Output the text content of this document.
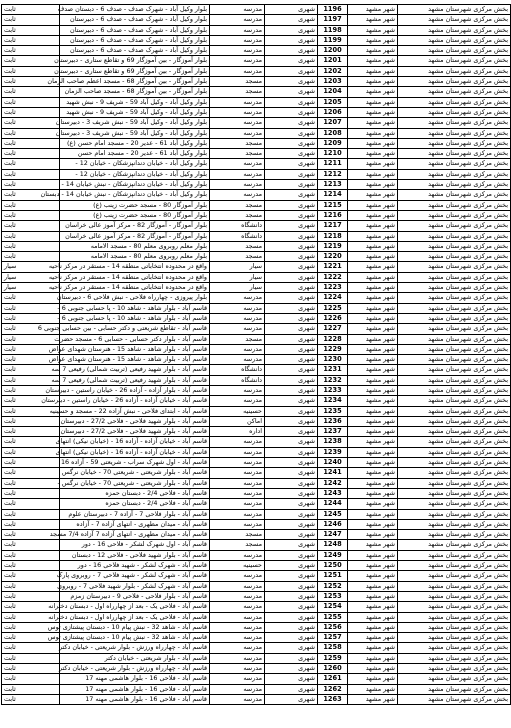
ثابت	بلوار وکیل آباد - شهرک صدف - صدف 6 - دبستان صدف	مدرسه	شهری	1196	شهر مشهد	بخش مرکزی شهرستان مشهد
ثابت	بلوار وکیل آباد - شهرک صدف - صدف 6 - دبیرستان	مدرسه	شهری	1197	شهر مشهد	بخش مرکزی شهرستان مشهد
ثابت	بلوار وکیل آباد - شهرک صدف - صدف 6 - دبیرستان	مدرسه	شهری	1198	شهر مشهد	بخش مرکزی شهرستان مشهد
ثابت	بلوار وکیل آباد - شهرک صدف - صدف 6 - دبیرستان	مدرسه	شهری	1199	شهر مشهد	بخش مرکزی شهرستان مشهد
ثابت	بلوار وکیل آباد - شهرک صدف - صدف 6 - دبیرستان	مدرسه	شهری	1200	شهر مشهد	بخش مرکزی شهرستان مشهد
ثابت	بلوار آموزگار - بین آموزگار 69 و تقاطع ستاری - دبیرستان	مدرسه	شهری	1201	شهر مشهد	بخش مرکزی شهرستان مشهد
ثابت	بلوار آموزگار - بین آموزگار 69 و تقاطع ستاری - دبیرستان	مدرسه	شهری	1202	شهر مشهد	بخش مرکزی شهرستان مشهد
ثابت	بلوار آموزگار - بین آموزگار 68 - مسجد اعظم صاحب الزمان	مسجد	شهری	1203	شهر مشهد	بخش مرکزی شهرستان مشهد
ثابت	بلوار آموزگار - بین آموزگار 68 - مسجد صاحب الزمان	مسجد	شهری	1204	شهر مشهد	بخش مرکزی شهرستان مشهد
ثابت	بلوار وکیل آباد - وکیل آباد 59 - شریف 9 - نبش شهید	مدرسه	شهری	1205	شهر مشهد	بخش مرکزی شهرستان مشهد
ثابت	بلوار وکیل آباد - وکیل آباد 59 - شریف 9 - نبش شهید	مدرسه	شهری	1206	شهر مشهد	بخش مرکزی شهرستان مشهد
ثابت	بلوار وکیل آباد - وکیل آباد 59 - نبش شریف 3 - دبیرستان	مدرسه	شهری	1207	شهر مشهد	بخش مرکزی شهرستان مشهد
ثابت	بلوار وکیل آباد - وکیل آباد 59 - نبش شریف 3 - دبیرستان	مدرسه	شهری	1208	شهر مشهد	بخش مرکزی شهرستان مشهد
ثابت	بلوار وکیل آباد 61 - عدیر 20 - مسجد امام حسن (ع)	مسجد	شهری	1209	شهر مشهد	بخش مرکزی شهرستان مشهد
ثابت	بلوار وکیل آباد 61 - عدیر 20 - مسجد امام حسن	مسجد	شهری	1210	شهر مشهد	بخش مرکزی شهرستان مشهد
ثابت	بلوار وکیل آباد - خیابان دندانپزشکان - خیابان 12 -	مدرسه	شهری	1211	شهر مشهد	بخش مرکزی شهرستان مشهد
ثابت	بلوار وکیل آباد - خیابان دندانپزشکان - خیابان 12 -	مدرسه	شهری	1212	شهر مشهد	بخش مرکزی شهرستان مشهد
ثابت	بلوار وکیل آباد - خیابان دندانپزشکان - نبش خیابان 14 -	مدرسه	شهری	1213	شهر مشهد	بخش مرکزی شهرستان مشهد
ثابت	بلوار وکیل آباد - خیابان دندانپزشکان - نبش خیابان 14 - دبستان	مدرسه	شهری	1214	شهر مشهد	بخش مرکزی شهرستان مشهد
ثابت	بلوار آموزگار 80 - مسجد حضرت زینب (ع)	مسجد	شهری	1215	شهر مشهد	بخش مرکزی شهرستان مشهد
ثابت	بلوار آموزگار 80 - مسجد حضرت زینب (ع)	مسجد	شهری	1216	شهر مشهد	بخش مرکزی شهرستان مشهد
ثابت	بلوار آموزگار - آموزگار 82 - مرکز آموز عالی خراسان	دانشگاه	شهری	1217	شهر مشهد	بخش مرکزی شهرستان مشهد
ثابت	بلوار آموزگار - آموزگار 82 - مرکز آموز عالی خراسان	دانشگاه	شهری	1218	شهر مشهد	بخش مرکزی شهرستان مشهد
ثابت	بلوار معلم روبروی معلم 80 - مسجد الامامه	مسجد	شهری	1219	شهر مشهد	بخش مرکزی شهرستان مشهد
ثابت	بلوار معلم روبروی معلم 80 - مسجد الامامه	مسجد	شهری	1220	شهر مشهد	بخش مرکزی شهرستان مشهد
سیار	واقع در محدوده انتخاباتی منطقه 14 - مستقر در مرکز ناحیه	سیار	شهری	1221	شهر مشهد	بخش مرکزی شهرستان مشهد
سیار	واقع در محدوده انتخاباتی منطقه 14 - مستقر در مرکز ناحیه	سیار	شهری	1222	شهر مشهد	بخش مرکزی شهرستان مشهد
سیار	واقع در محدوده انتخاباتی منطقه 14 - مستقر در مرکز ناحیه	سیار	شهری	1223	شهر مشهد	بخش مرکزی شهرستان مشهد
ثابت	بلوار پیروزی - چهارراه فلاحی - نبش فلاحی 6 - دبیرستان	مدرسه	شهری	1224	شهر مشهد	بخش مرکزی شهرستان مشهد
ثابت	قاسم آباد - بلوار شاهد - شاهد 10 - پا حسابی جنوبی 6 -	مدرسه	شهری	1225	شهر مشهد	بخش مرکزی شهرستان مشهد
ثابت	قاسم آباد - بلوار شاهد - شاهد 10 - پا حسابی جنوبی 6 -	مدرسه	شهری	1226	شهر مشهد	بخش مرکزی شهرستان مشهد
ثابت	قاسم آباد - تقاطع شریعتی و دکتر حسابی - بین حسابی جنوبی 6	مدرسه	شهری	1227	شهر مشهد	بخش مرکزی شهرستان مشهد
ثابت	قاسم آباد - بلوار دکتر حسابی - حسابی 6 - مسجد حضرت	مسجد	شهری	1228	شهر مشهد	بخش مرکزی شهرستان مشهد
ثابت	قاسم آباد - بلوار شاهد - شاهد 15 - هنرستان شهدای عواض	مدرسه	شهری	1229	شهر مشهد	بخش مرکزی شهرستان مشهد
ثابت	قاسم آباد - بلوار شاهد - شاهد 15 - هنرستان شهدای عواض	مدرسه	شهری	1230	شهر مشهد	بخش مرکزی شهرستان مشهد
ثابت	قاسم آباد - بلوار شهید رفیعی (تربیت شمالی) رفیعی 7 سه	دانشگاه	شهری	1231	شهر مشهد	بخش مرکزی شهرستان مشهد
ثابت	قاسم آباد - بلوار شهید رفیعی (تربیت شمالی) رفیعی 7 سه	دانشگاه	شهری	1232	شهر مشهد	بخش مرکزی شهرستان مشهد
ثابت	قاسم آباد - بلوار آزاده - آزاده 26 - خیابان راستین - دبیرستان	مدرسه	شهری	1233	شهر مشهد	بخش مرکزی شهرستان مشهد
ثابت	قاسم آباد - خیابان آزاده - آزاده 26 - خیابان راستین - دبیرستان	مدرسه	شهری	1234	شهر مشهد	بخش مرکزی شهرستان مشهد
ثابت	قاسم آباد - ابتدای فلاحی - نبش آزاده 22 - مسجد و حسینیه	حسینیه	شهری	1235	شهر مشهد	بخش مرکزی شهرستان مشهد
ثابت	قاسم آباد - بلوار شهید فلاحی - فلاحی 27/2 - دبیرستان	اماکن	شهری	1236	شهر مشهد	بخش مرکزی شهرستان مشهد
ثابت	قاسم آباد - بلوار شهید فلاحی - فلاحی 27/2 - دبیرستان	اداره	شهری	1237	شهر مشهد	بخش مرکزی شهرستان مشهد
ثابت	قاسم آباد - خیابان آزاده - آزاده 16 - (خیابان نیکی) انتهای	مدرسه	شهری	1238	شهر مشهد	بخش مرکزی شهرستان مشهد
ثابت	قاسم آباد - خیابان آزاده - آزاده 16 - (خیابان نیکی) انتهای	مدرسه	شهری	1239	شهر مشهد	بخش مرکزی شهرستان مشهد
ثابت	قاسم آباد - اول شهرک سراب - شریعتی 59 - آزاده 16	مدرسه	شهری	1240	شهر مشهد	بخش مرکزی شهرستان مشهد
ثابت	قاسم آباد - بلوار شریعتی - شریعتی 70 - خیابان نرگس	مدرسه	شهری	1241	شهر مشهد	بخش مرکزی شهرستان مشهد
ثابت	قاسم آباد - بلوار شریعتی - شریعتی 70 - خیابان نرگس -	مدرسه	شهری	1242	شهر مشهد	بخش مرکزی شهرستان مشهد
ثابت	قاسم آباد - فلاحی 2/4 - دبستان حمزه	مدرسه	شهری	1243	شهر مشهد	بخش مرکزی شهرستان مشهد
ثابت	قاسم آباد - فلاحی 2/4 - دبستان حمزه	مدرسه	شهری	1244	شهر مشهد	بخش مرکزی شهرستان مشهد
ثابت	قاسم آباد - بلوار فلاحی 7 - آزاده 7 - دبیرستان علوم	مدرسه	شهری	1245	شهر مشهد	بخش مرکزی شهرستان مشهد
ثابت	قاسم آباد - میدان مطهری - انتهای آزاده 7 - آزاده	مدرسه	شهری	1246	شهر مشهد	بخش مرکزی شهرستان مشهد
ثابت	قاسم آباد - میدان مطهری - انتهای آزاده 7 آزاده 7/4 مسجد	مسجد	شهری	1247	شهر مشهد	بخش مرکزی شهرستان مشهد
ثابت	قاسم آباد - اول شهرک لشکر - فلاحی 16 - دور	مسجد	شهری	1248	شهر مشهد	بخش مرکزی شهرستان مشهد
ثابت	قاسم آباد - بلوار شهید فلاحی - فلاحی 12 - دبستان	مدرسه	شهری	1249	شهر مشهد	بخش مرکزی شهرستان مشهد
ثابت	قاسم آباد - شهرک لشکر - شهید فلاحی 16 - دور	حسینیه	شهری	1250	شهر مشهد	بخش مرکزی شهرستان مشهد
ثابت	قاسم آباد - شهرک لشکر - شهید فلاحی 7 - روبروی پارک	مدرسه	شهری	1251	شهر مشهد	بخش مرکزی شهرستان مشهد
ثابت	قاسم آباد - شهرک لشکر - بلوار شهید فلاحی 7 - روبروی	مدرسه	شهری	1252	شهر مشهد	بخش مرکزی شهرستان مشهد
ثابت	قاسم آباد - بلوار فلاحی - فلاحی 9 - دبیرستان زمزم	مدرسه	شهری	1253	شهر مشهد	بخش مرکزی شهرستان مشهد
ثابت	قاسم آباد - فلاحی یک - بعد از چهارراه اول - دبستان دخترانه	مدرسه	شهری	1254	شهر مشهد	بخش مرکزی شهرستان مشهد
ثابت	قاسم آباد - فلاحی یک - بعد از چهارراه اول - دبستان دخترانه	مدرسه	شهری	1255	شهر مشهد	بخش مرکزی شهرستان مشهد
ثابت	قاسم آباد - شاهد 32 - نبش پیام 10 - دبستان پیشتازی توس	مدرسه	شهری	1256	شهر مشهد	بخش مرکزی شهرستان مشهد
ثابت	قاسم آباد - شاهد 32 - نبش پیام 10 - دبستان پیشتازی توس	مدرسه	شهری	1257	شهر مشهد	بخش مرکزی شهرستان مشهد
ثابت	قاسم آباد - چهارراه ورزش - بلوار شریعتی - خیابان دکتر	مدرسه	شهری	1258	شهر مشهد	بخش مرکزی شهرستان مشهد
ثابت	قاسم آباد - بلوار شریعتی - خیابان دکتر	مدرسه	شهری	1259	شهر مشهد	بخش مرکزی شهرستان مشهد
ثابت	قاسم آباد - چهارراه ورزش - بلوار شریعتی - خیابان دکتر	مدرسه	شهری	1260	شهر مشهد	بخش مرکزی شهرستان مشهد
ثابت	قاسم آباد - فلاحی 16 - بلوار هاشمی مهنه 17	مدرسه	شهری	1261	شهر مشهد	بخش مرکزی شهرستان مشهد
ثابت	قاسم آباد - فلاحی 16 - بلوار هاشمی مهنه 17	مدرسه	شهری	1262	شهر مشهد	بخش مرکزی شهرستان مشهد
ثابت	قاسم آباد - فلاحی 16 - بلوار هاشمی مهنه 17	مدرسه	شهری	1263	شهر مشهد	بخش مرکزی شهرستان مشهد
